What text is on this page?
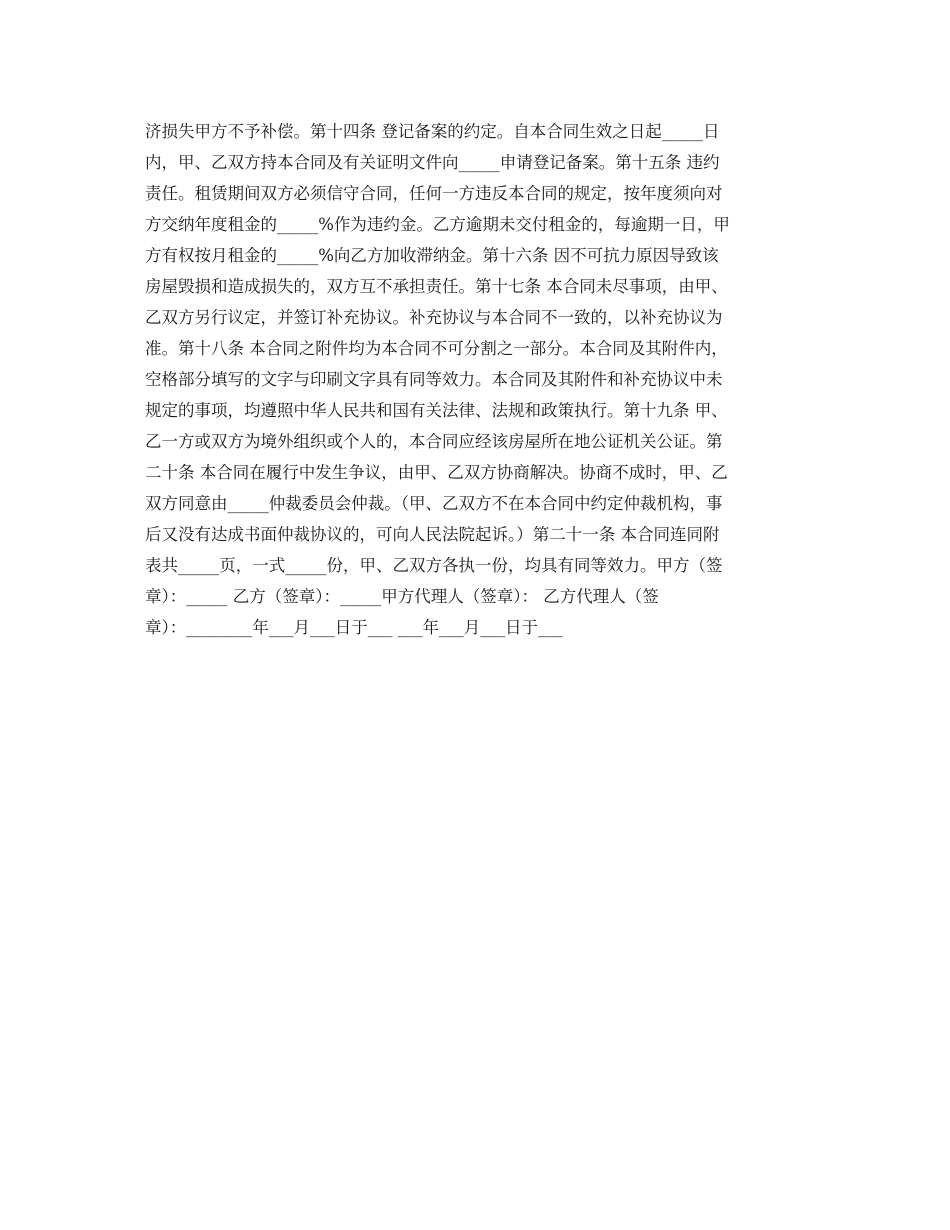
济损失甲方不予补偿。第十四条 登记备案的约定。自本合同生效之日起_____日
内，甲、乙双方持本合同及有关证明文件向_____申请登记备案。第十五条 违约
责任。租赁期间双方必须信守合同，任何一方违反本合同的规定，按年度须向对
方交纳年度租金的_____%作为违约金。乙方逾期未交付租金的，每逾期一日，甲
方有权按月租金的_____%向乙方加收滞纳金。第十六条 因不可抗力原因导致该
房屋毁损和造成损失的，双方互不承担责任。第十七条 本合同未尽事项，由甲、
乙双方另行议定，并签订补充协议。补充协议与本合同不一致的，以补充协议为
准。第十八条 本合同之附件均为本合同不可分割之一部分。本合同及其附件内，
空格部分填写的文字与印刷文字具有同等效力。本合同及其附件和补充协议中未
规定的事项，均遵照中华人民共和国有关法律、法规和政策执行。第十九条 甲、
乙一方或双方为境外组织或个人的，本合同应经该房屋所在地公证机关公证。第
二十条 本合同在履行中发生争议，由甲、乙双方协商解决。协商不成时，甲、乙
双方同意由_____仲裁委员会仲裁。（甲、乙双方不在本合同中约定仲裁机构，事
后又没有达成书面仲裁协议的，可向人民法院起诉。）第二十一条 本合同连同附
表共_____页，一式_____份，甲、乙双方各执一份，均具有同等效力。甲方（签
章）：_____ 乙方（签章）：_____甲方代理人（签章）： 乙方代理人（签
章）：________年___月___日于___ ___年___月___日于___
